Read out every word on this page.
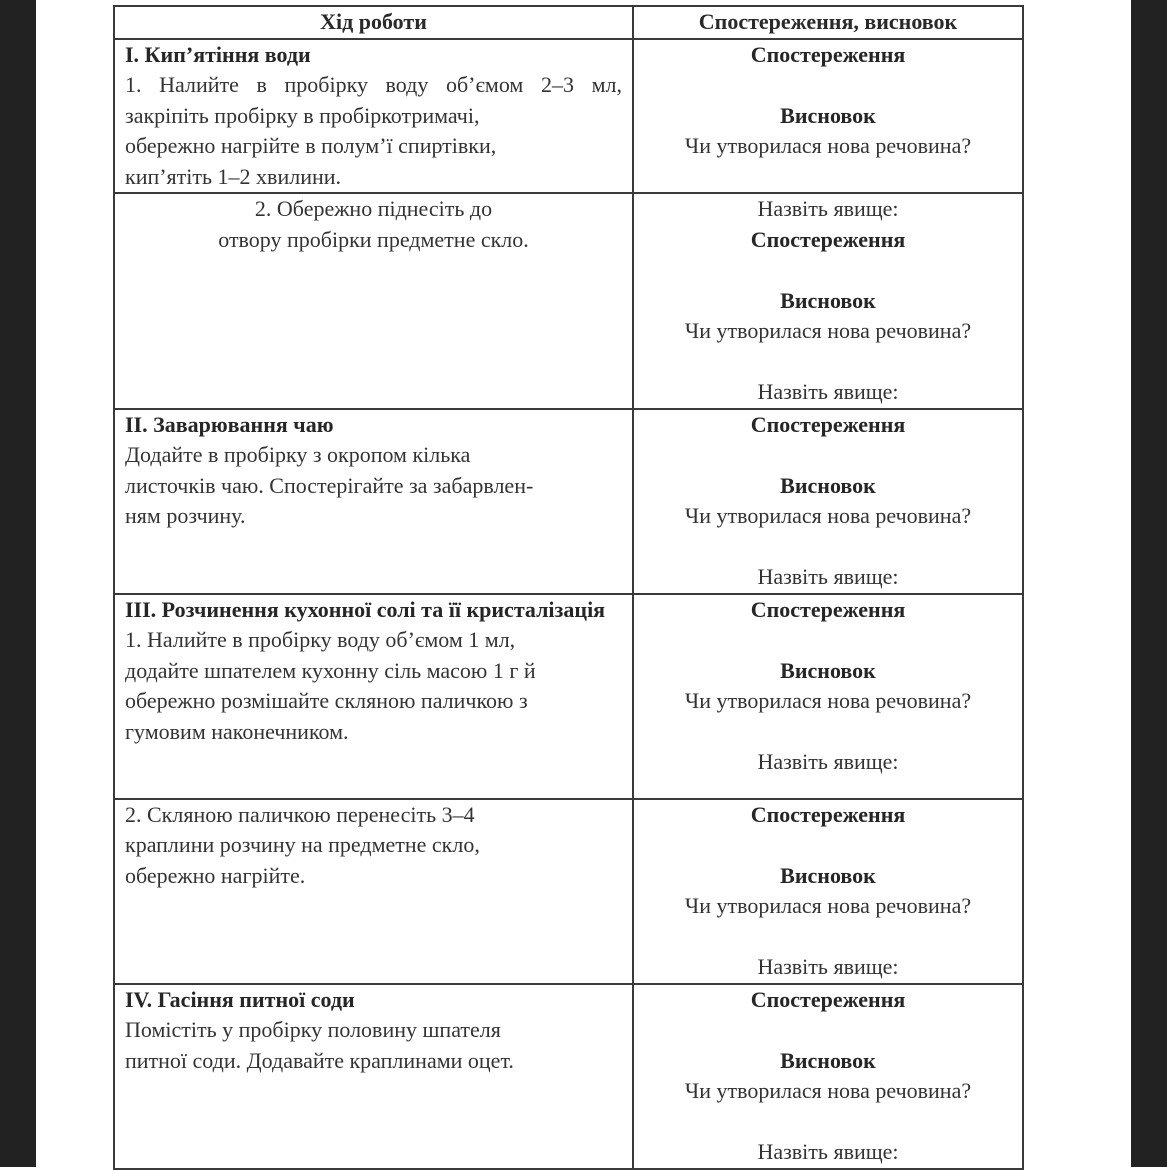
Хід роботи	Спостереження, висновок

І. Кип’ятіння води
1. Налийте в пробірку воду об’ємом 2–3 мл, закріпіть пробірку в пробіркотримачі,
обережно нагрійте в полум’ї спиртівки,
кип’ятіть 1–2 хвилини.	Спостереження
Висновок
Чи утворилася нова речовина?

2. Обережно піднесіть до
отвору пробірки предметне скло.	Назвіть явище:
Спостереження
Висновок
Чи утворилася нова речовина?
Назвіть явище:

ІІ. Заварювання чаю
Додайте в пробірку з окропом кілька
листочків чаю. Спостерігайте за забарвлен-
ням розчину.	Спостереження
Висновок
Чи утворилася нова речовина?
Назвіть явище:

ІІІ. Розчинення кухонної солі та її кристалізація
1. Налийте в пробірку воду об’ємом 1 мл,
додайте шпателем кухонну сіль масою 1 г й
обережно розмішайте скляною паличкою з
гумовим наконечником.	Спостереження
Висновок
Чи утворилася нова речовина?
Назвіть явище:

2. Скляною паличкою перенесіть 3–4
краплини розчину на предметне скло,
обережно нагрійте.	Спостереження
Висновок
Чи утворилася нова речовина?
Назвіть явище:

IV. Гасіння питної соди
Помістіть у пробірку половину шпателя
питної соди. Додавайте краплинами оцет.	Спостереження
Висновок
Чи утворилася нова речовина?
Назвіть явище:
